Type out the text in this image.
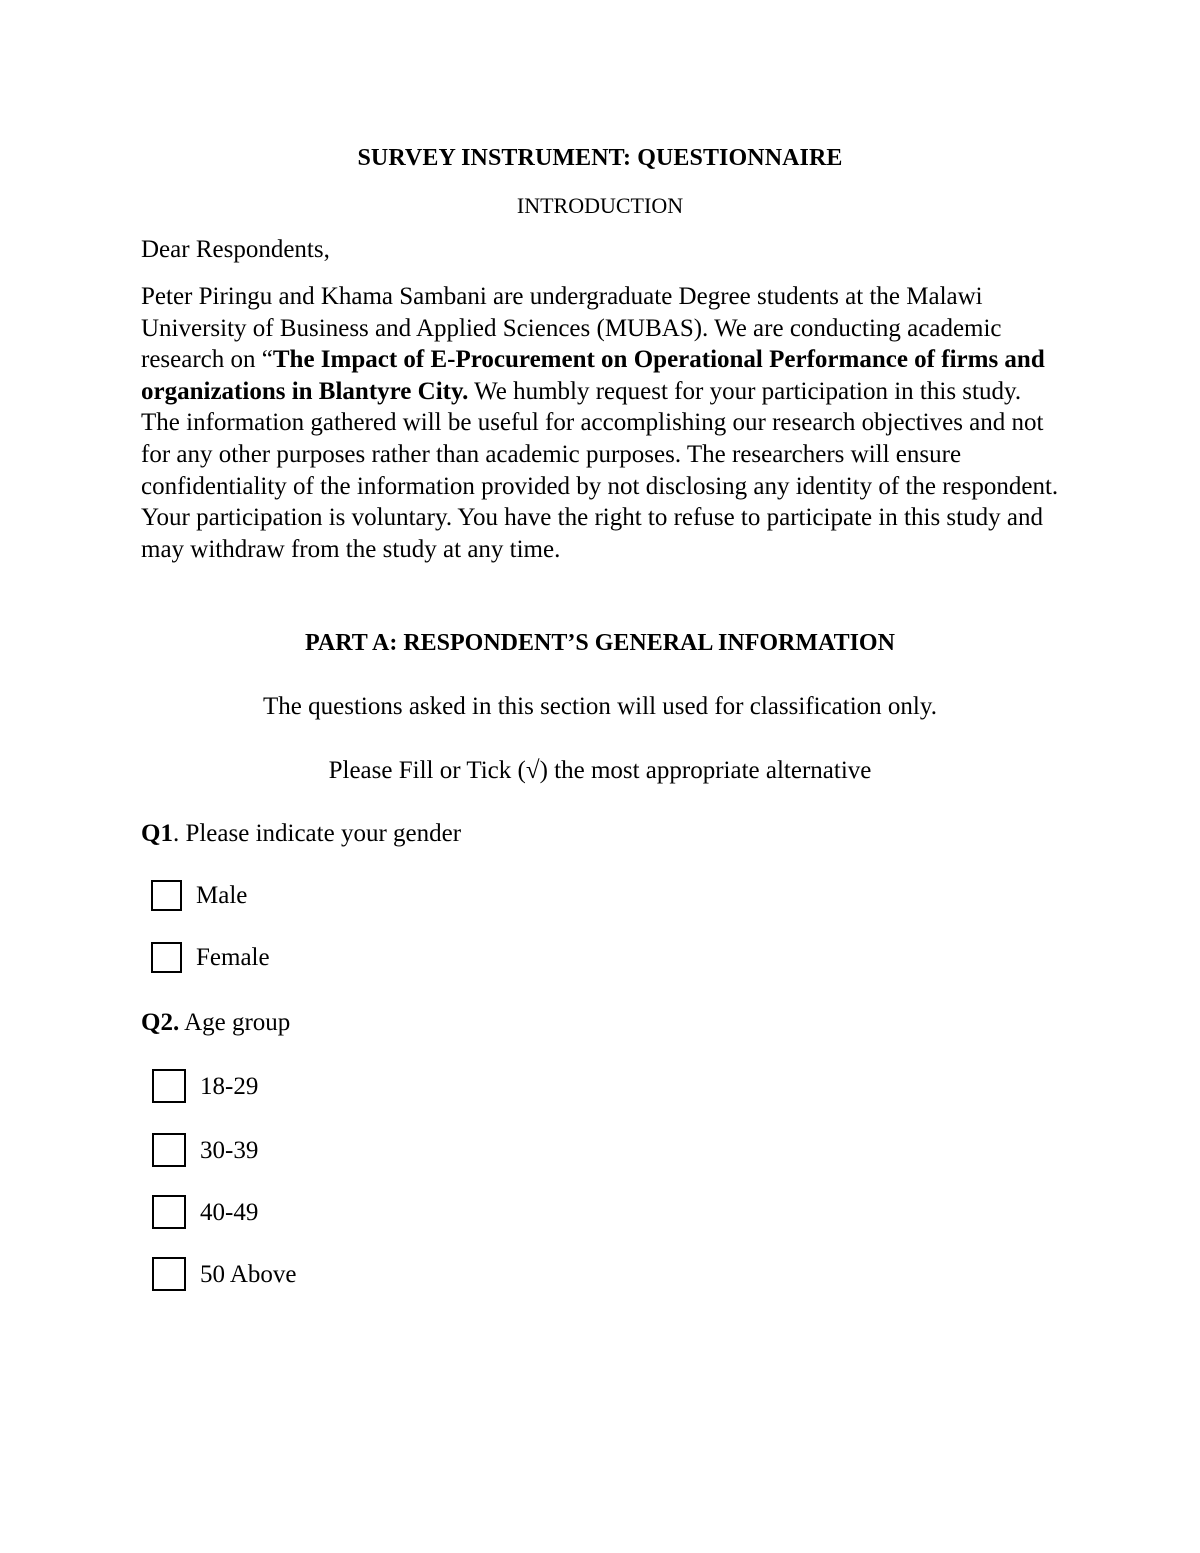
SURVEY INSTRUMENT: QUESTIONNAIRE
INTRODUCTION
Dear Respondents,

Peter Piringu and Khama Sambani are undergraduate Degree students at the Malawi University of Business and Applied Sciences (MUBAS). We are conducting academic research on “The Impact of E-Procurement on Operational Performance of firms and organizations in Blantyre City. We humbly request for your participation in this study. The information gathered will be useful for accomplishing our research objectives and not for any other purposes rather than academic purposes. The researchers will ensure confidentiality of the information provided by not disclosing any identity of the respondent. Your participation is voluntary. You have the right to refuse to participate in this study and may withdraw from the study at any time.

PART A: RESPONDENT’S GENERAL INFORMATION
The questions asked in this section will used for classification only.
Please Fill or Tick (√) the most appropriate alternative
Q1. Please indicate your gender
Male
Female
Q2. Age group
18-29
30-39
40-49
50 Above
